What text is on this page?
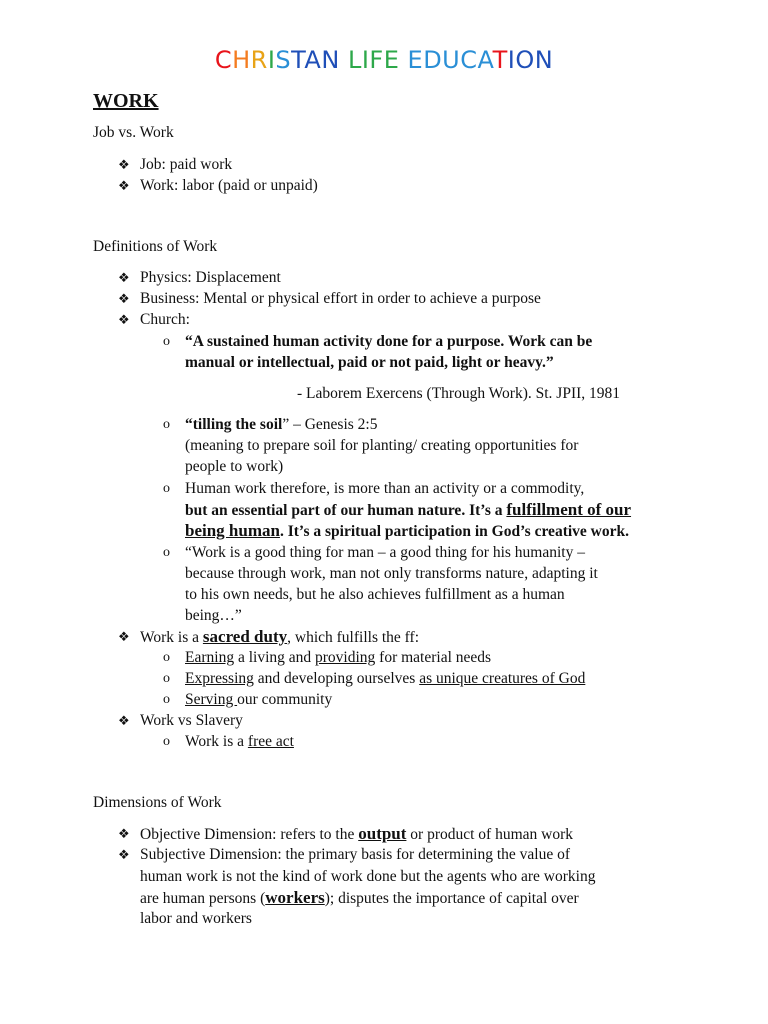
CHRISTAN LIFE EDUCATION
WORK
Job vs. Work
❖ Job: paid work
❖ Work: labor (paid or unpaid)
Definitions of Work
❖ Physics: Displacement
❖ Business: Mental or physical effort in order to achieve a purpose
❖ Church:
o “A sustained human activity done for a purpose. Work can be
manual or intellectual, paid or not paid, light or heavy.”
- Laborem Exercens (Through Work). St. JPII, 1981
o “tilling the soil” – Genesis 2:5
(meaning to prepare soil for planting/ creating opportunities for
people to work)
o Human work therefore, is more than an activity or a commodity,
but an essential part of our human nature. It’s a fulfillment of our
being human. It’s a spiritual participation in God’s creative work.
o “Work is a good thing for man – a good thing for his humanity –
because through work, man not only transforms nature, adapting it
to his own needs, but he also achieves fulfillment as a human
being…”
❖ Work is a sacred duty, which fulfills the ff:
o Earning a living and providing for material needs
o Expressing and developing ourselves as unique creatures of God
o Serving our community
❖ Work vs Slavery
o Work is a free act
Dimensions of Work
❖ Objective Dimension: refers to the output or product of human work
❖ Subjective Dimension: the primary basis for determining the value of
human work is not the kind of work done but the agents who are working
are human persons (workers); disputes the importance of capital over
labor and workers
